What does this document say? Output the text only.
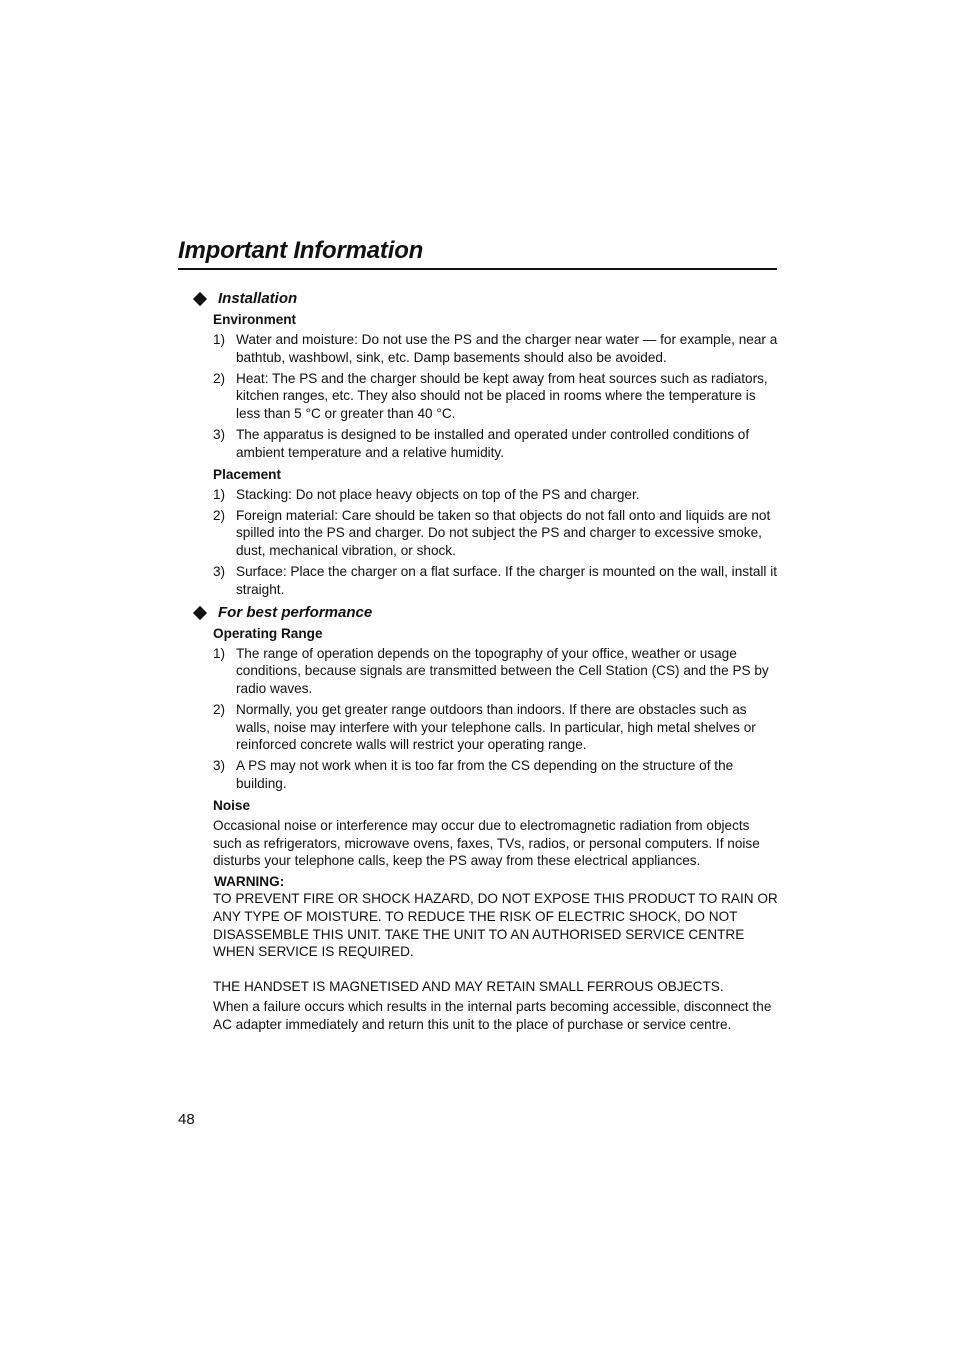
Important Information
Installation
Environment
1) Water and moisture: Do not use the PS and the charger near water — for example, near a bathtub, washbowl, sink, etc. Damp basements should also be avoided.
2) Heat: The PS and the charger should be kept away from heat sources such as radiators, kitchen ranges, etc. They also should not be placed in rooms where the temperature is less than 5 °C or greater than 40 °C.
3) The apparatus is designed to be installed and operated under controlled conditions of ambient temperature and a relative humidity.
Placement
1) Stacking: Do not place heavy objects on top of the PS and charger.
2) Foreign material: Care should be taken so that objects do not fall onto and liquids are not spilled into the PS and charger. Do not subject the PS and charger to excessive smoke, dust, mechanical vibration, or shock.
3) Surface: Place the charger on a flat surface. If the charger is mounted on the wall, install it straight.
For best performance
Operating Range
1) The range of operation depends on the topography of your office, weather or usage conditions, because signals are transmitted between the Cell Station (CS) and the PS by radio waves.
2) Normally, you get greater range outdoors than indoors. If there are obstacles such as walls, noise may interfere with your telephone calls. In particular, high metal shelves or reinforced concrete walls will restrict your operating range.
3) A PS may not work when it is too far from the CS depending on the structure of the building.
Noise
Occasional noise or interference may occur due to electromagnetic radiation from objects such as refrigerators, microwave ovens, faxes, TVs, radios, or personal computers. If noise disturbs your telephone calls, keep the PS away from these electrical appliances.
WARNING:
TO PREVENT FIRE OR SHOCK HAZARD, DO NOT EXPOSE THIS PRODUCT TO RAIN OR ANY TYPE OF MOISTURE. TO REDUCE THE RISK OF ELECTRIC SHOCK, DO NOT DISASSEMBLE THIS UNIT. TAKE THE UNIT TO AN AUTHORISED SERVICE CENTRE WHEN SERVICE IS REQUIRED.
THE HANDSET IS MAGNETISED AND MAY RETAIN SMALL FERROUS OBJECTS.
When a failure occurs which results in the internal parts becoming accessible, disconnect the AC adapter immediately and return this unit to the place of purchase or service centre.
48
